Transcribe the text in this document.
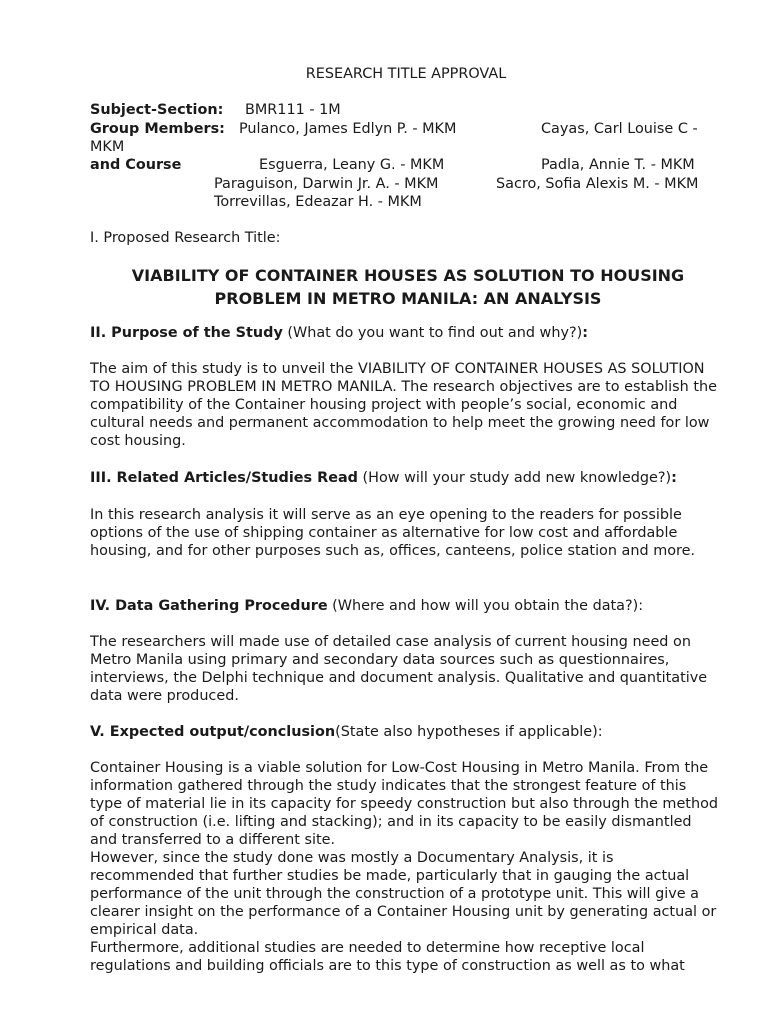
RESEARCH TITLE APPROVAL
Subject-Section: BMR111 - 1M
Group Members: Pulanco, James Edlyn P. - MKM	Cayas, Carl Louise C -
MKM
and Course	Esguerra, Leany G. - MKM	Padla, Annie T. - MKM
Paraguison, Darwin Jr. A. - MKM	Sacro, Sofia Alexis M. - MKM
Torrevillas, Edeazar H. - MKM
I. Proposed Research Title:
VIABILITY OF CONTAINER HOUSES AS SOLUTION TO HOUSING
PROBLEM IN METRO MANILA: AN ANALYSIS
II. Purpose of the Study (What do you want to find out and why?):
The aim of this study is to unveil the VIABILITY OF CONTAINER HOUSES AS SOLUTION TO HOUSING PROBLEM IN METRO MANILA. The research objectives are to establish the compatibility of the Container housing project with people’s social, economic and cultural needs and permanent accommodation to help meet the growing need for low cost housing.
III. Related Articles/Studies Read (How will your study add new knowledge?):
In this research analysis it will serve as an eye opening to the readers for possible options of the use of shipping container as alternative for low cost and affordable housing, and for other purposes such as, offices, canteens, police station and more.
IV. Data Gathering Procedure (Where and how will you obtain the data?):
The researchers will made use of detailed case analysis of current housing need on Metro Manila using primary and secondary data sources such as questionnaires, interviews, the Delphi technique and document analysis. Qualitative and quantitative data were produced.
V. Expected output/conclusion(State also hypotheses if applicable):
Container Housing is a viable solution for Low-Cost Housing in Metro Manila. From the information gathered through the study indicates that the strongest feature of this type of material lie in its capacity for speedy construction but also through the method of construction (i.e. lifting and stacking); and in its capacity to be easily dismantled and transferred to a different site.
However, since the study done was mostly a Documentary Analysis, it is recommended that further studies be made, particularly that in gauging the actual performance of the unit through the construction of a prototype unit. This will give a clearer insight on the performance of a Container Housing unit by generating actual or empirical data.
Furthermore, additional studies are needed to determine how receptive local regulations and building officials are to this type of construction as well as to what
